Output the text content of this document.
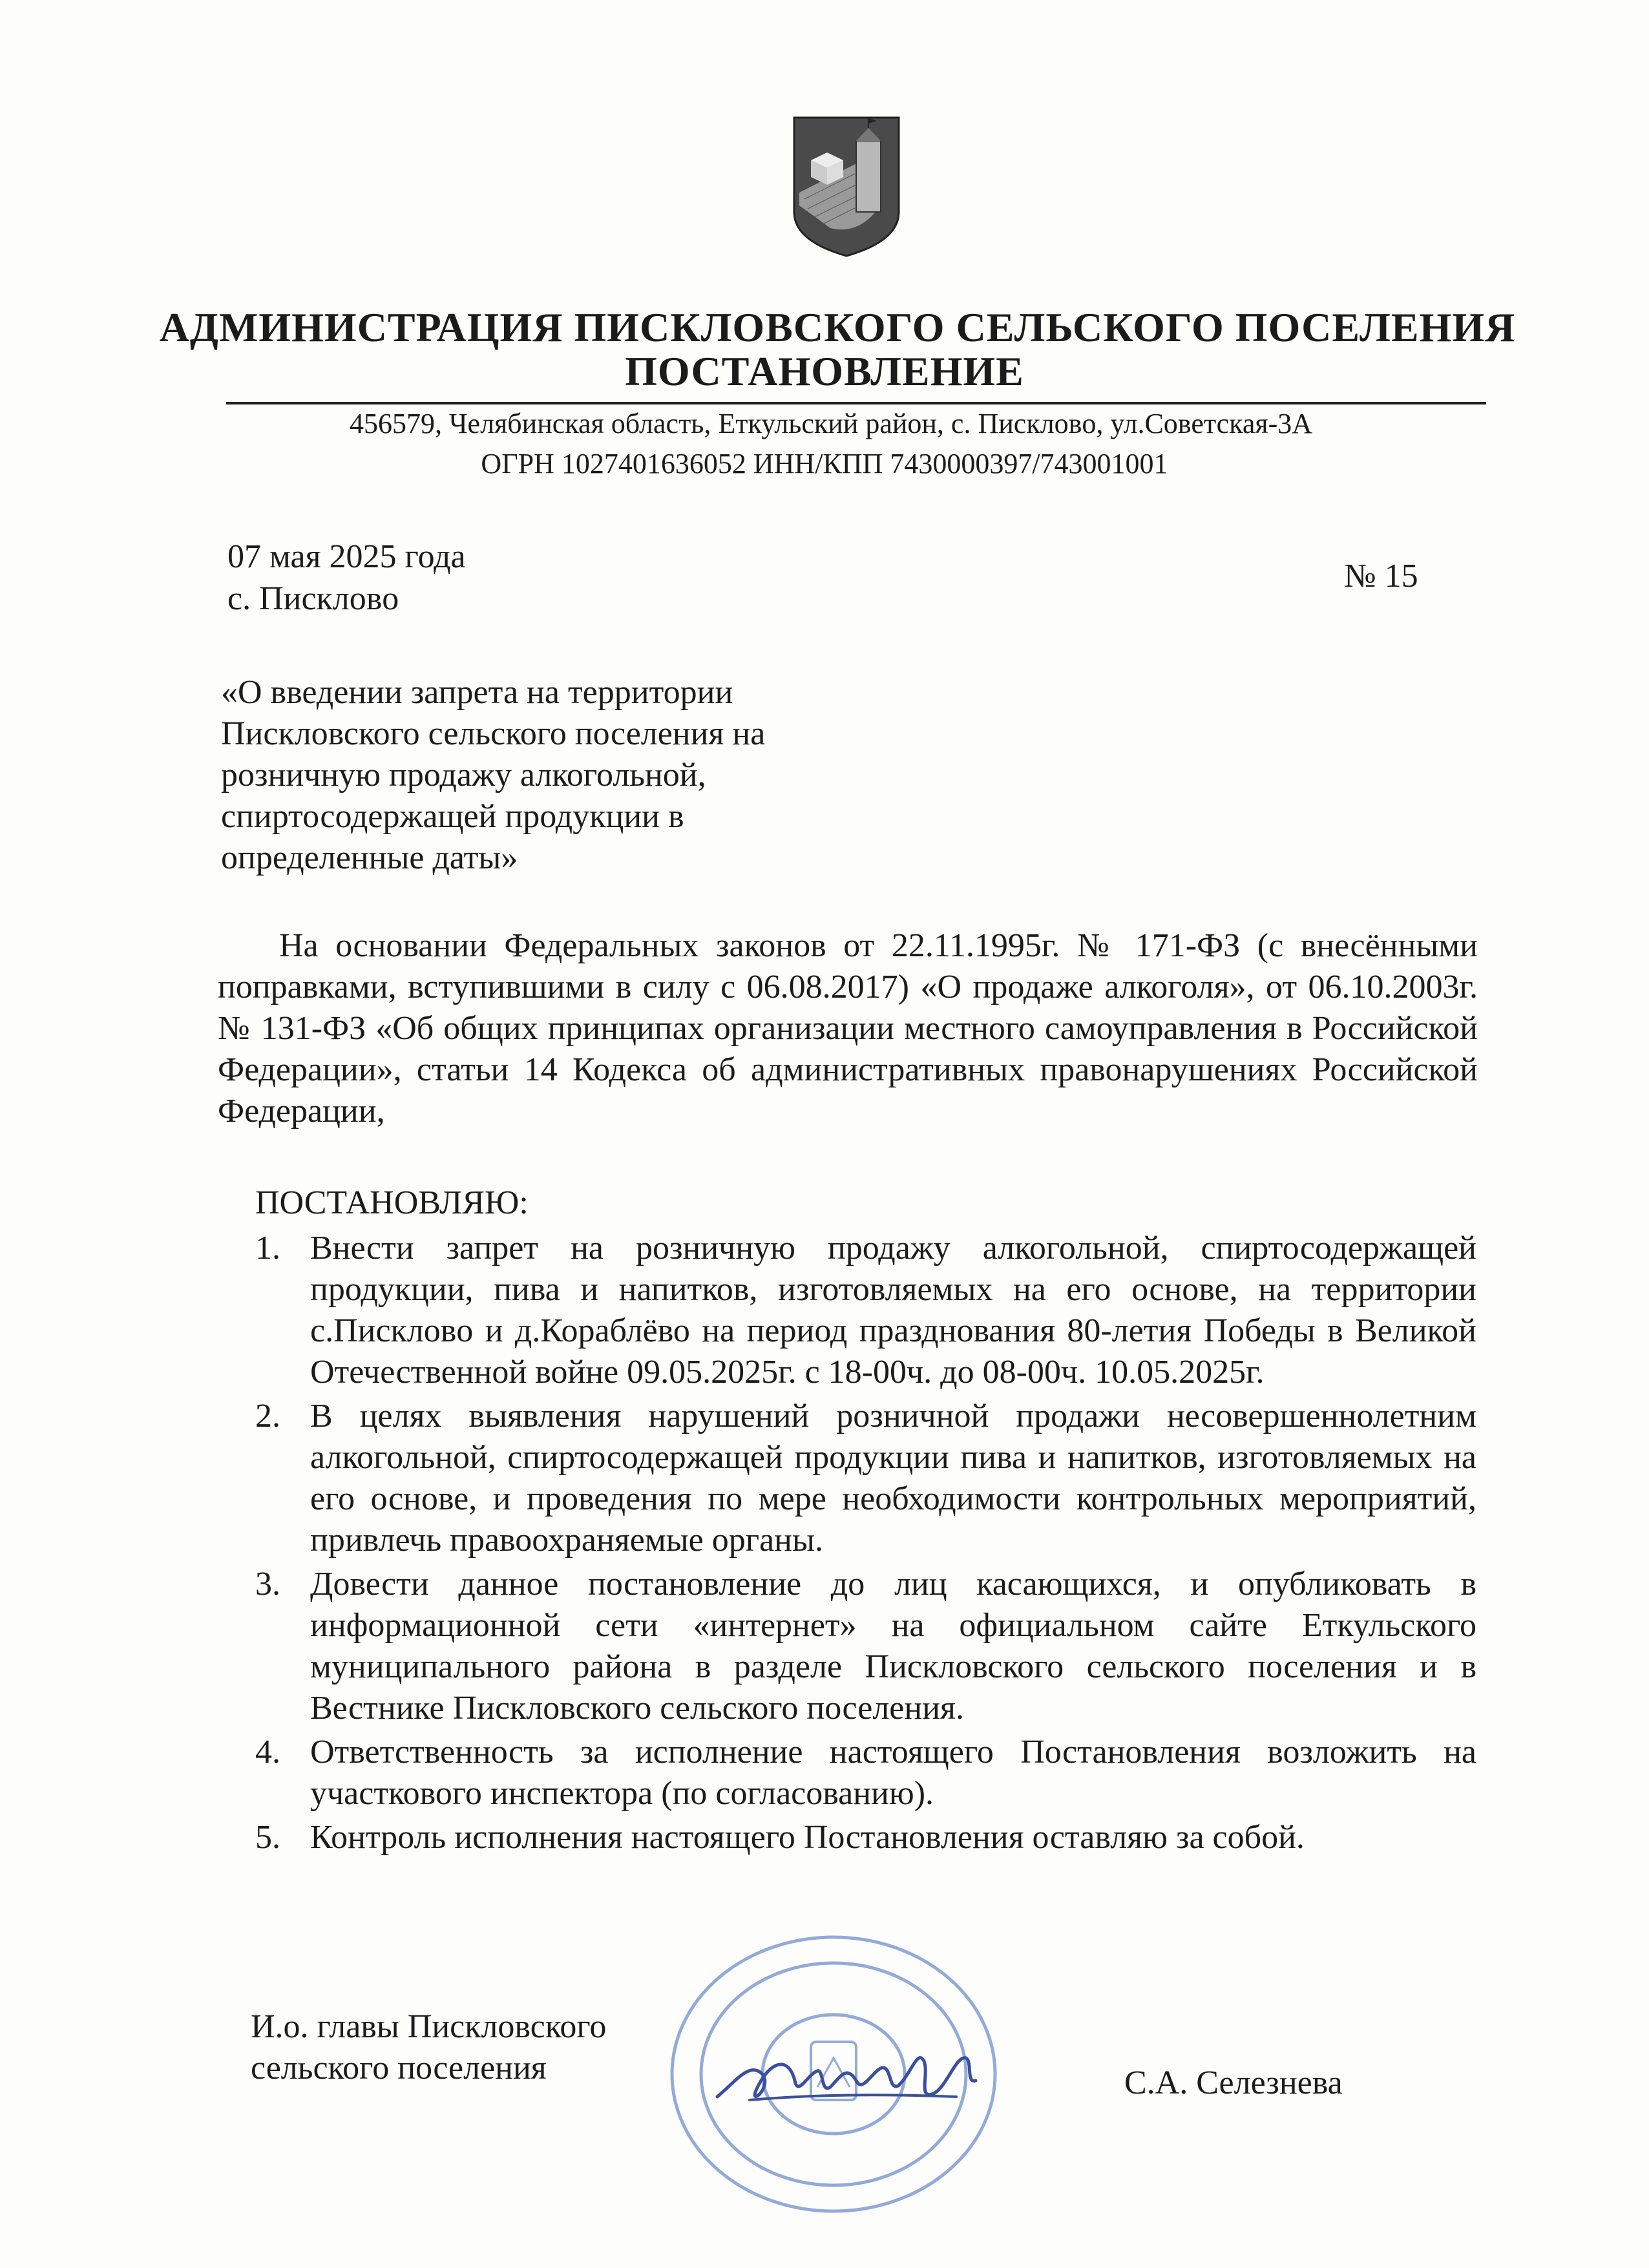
АДМИНИСТРАЦИЯ ПИСКЛОВСКОГО СЕЛЬСКОГО ПОСЕЛЕНИЯ
ПОСТАНОВЛЕНИЕ
456579, Челябинская область, Еткульский район, с. Пискловo, ул.Советская-3А
ОГРН 1027401636052 ИНН/КПП 7430000397/743001001
07 мая 2025 года
с. Пискловo
№ 15
«О введении запрета на территории Пискловского сельского поселения на розничную продажу алкогольной, спиртосодержащей продукции в определенные даты»
На основании Федеральных законов от 22.11.1995г. № 171-ФЗ (с внесёнными поправками, вступившими в силу с 06.08.2017) «О продаже алкоголя», от 06.10.2003г. № 131-ФЗ «Об общих принципах организации местного самоуправления в Российской Федерации», статьи 14 Кодекса об административных правонарушениях Российской Федерации,
ПОСТАНОВЛЯЮ:
1. Внести запрет на розничную продажу алкогольной, спиртосодержащей продукции, пива и напитков, изготовляемых на его основе, на территории с.Пискловo и д.Кораблёво на период празднования 80-летия Победы в Великой Отечественной войне 09.05.2025г. с 18-00ч. до 08-00ч. 10.05.2025г.
2. В целях выявления нарушений розничной продажи несовершеннолетним алкогольной, спиртосодержащей продукции пива и напитков, изготовляемых на его основе, и проведения по мере необходимости контрольных мероприятий, привлечь правоохраняемые органы.
3. Довести данное постановление до лиц касающихся, и опубликовать в информационной сети «интернет» на официальном сайте Еткульского муниципального района в разделе Пискловского сельского поселения и в Вестнике Пискловского сельского поселения.
4. Ответственность за исполнение настоящего Постановления возложить на участкового инспектора (по согласованию).
5. Контроль исполнения настоящего Постановления оставляю за собой.
И.о. главы Пискловского
сельского поселения	С.А. Селезнева
